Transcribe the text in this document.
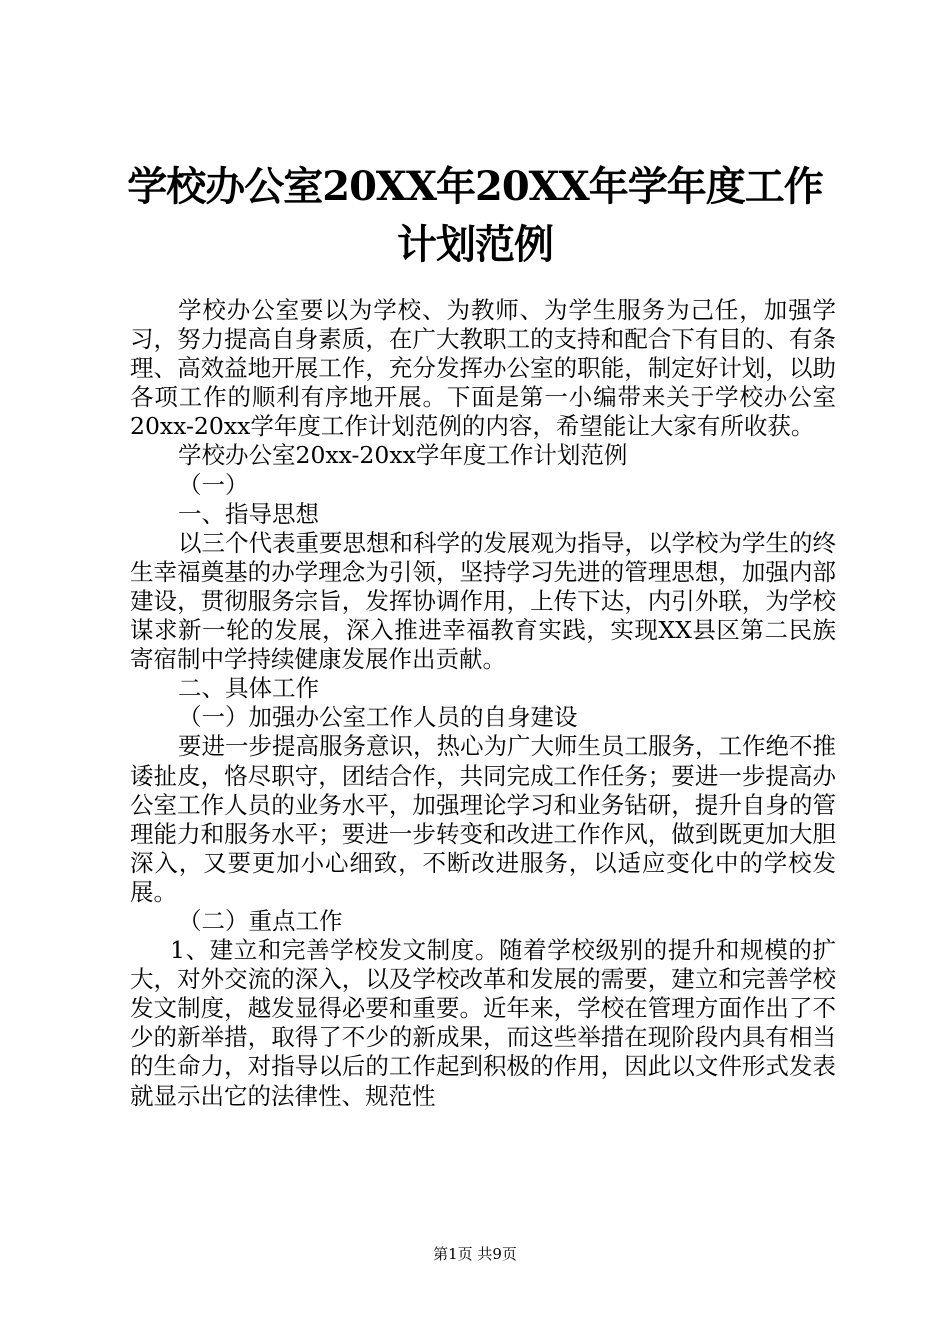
学校办公室20XX年20XX年学年度工作计划范例

学校办公室要以为学校、为教师、为学生服务为己任，加强学习，努力提高自身素质，在广大教职工的支持和配合下有目的、有条理、高效益地开展工作，充分发挥办公室的职能，制定好计划，以助各项工作的顺利有序地开展。下面是第一小编带来关于学校办公室20xx-20xx学年度工作计划范例的内容，希望能让大家有所收获。

学校办公室20xx-20xx学年度工作计划范例

（一）

一、指导思想

以三个代表重要思想和科学的发展观为指导，以学校为学生的终生幸福奠基的办学理念为引领，坚持学习先进的管理思想，加强内部建设，贯彻服务宗旨，发挥协调作用，上传下达，内引外联，为学校谋求新一轮的发展，深入推进幸福教育实践，实现XX县区第二民族寄宿制中学持续健康发展作出贡献。

二、具体工作

（一）加强办公室工作人员的自身建设

要进一步提高服务意识，热心为广大师生员工服务，工作绝不推诿扯皮，恪尽职守，团结合作，共同完成工作任务；要进一步提高办公室工作人员的业务水平，加强理论学习和业务钻研，提升自身的管理能力和服务水平；要进一步转变和改进工作作风，做到既更加大胆深入，又要更加小心细致，不断改进服务，以适应变化中的学校发展。

（二）重点工作

1、建立和完善学校发文制度。随着学校级别的提升和规模的扩大，对外交流的深入，以及学校改革和发展的需要，建立和完善学校发文制度，越发显得必要和重要。近年来，学校在管理方面作出了不少的新举措，取得了不少的新成果，而这些举措在现阶段内具有相当的生命力，对指导以后的工作起到积极的作用，因此以文件形式发表就显示出它的法律性、规范性

第1页 共9页
